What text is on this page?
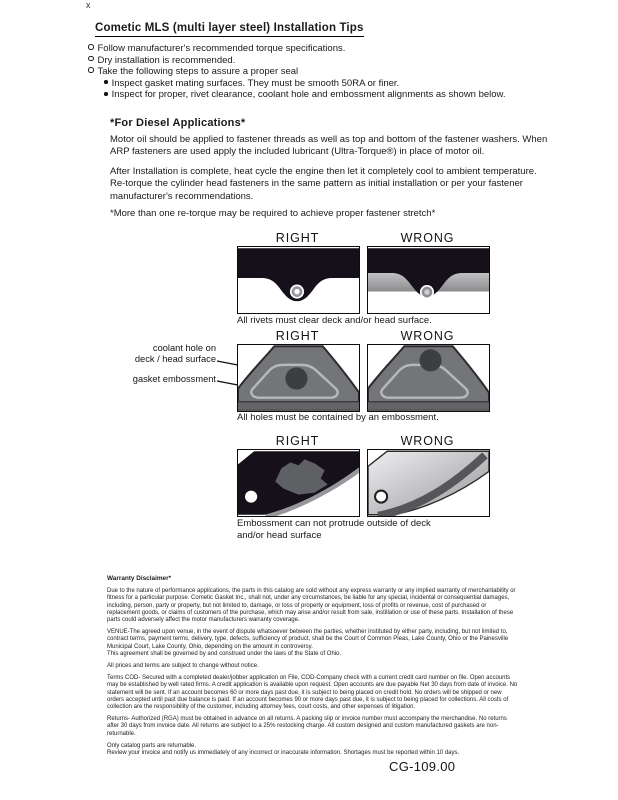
x
Cometic MLS (multi layer steel) Installation Tips
Follow manufacturer's recommended torque specifications.
Dry installation is recommended.
Take the following steps to assure a proper seal
Inspect gasket mating surfaces. They must be smooth 50RA or finer.
Inspect for proper, rivet clearance, coolant hole and embossment alignments as shown below.
*For Diesel Applications*
Motor oil should be applied to fastener threads as well as top and bottom of the fastener washers. When ARP fasteners are used apply the included lubricant (Ultra-Torque®) in place of motor oil.
After Installation is complete, heat cycle the engine then let it completely cool to ambient temperature. Re-torque the cylinder head fasteners in the same pattern as initial installation or per your fastener manufacturer's recommendations.
*More than one re-torque may be required to achieve proper fastener stretch*
RIGHT	WRONG
All rivets must clear deck and/or head surface.
RIGHT	WRONG
coolant hole on
deck / head surface
gasket embossment
All holes must be contained by an embossment.
RIGHT	WRONG
Embossment can not protrude outside of deck
and/or head surface
Warranty Disclaimer*
Due to the nature of performance applications, the parts in this catalog are sold without any express warranty or any implied warranty of merchantability or fitness for a particular purpose. Cometic Gasket Inc., shall not, under any circumstances, be liable for any special, incidental or consequential damages, including, person, party or property, but not limited to, damage, or loss of property or equipment, loss of profits or revenue, cost of purchased or replacement goods, or claims of customers of the purchase, which may arise and/or result from sale, instillation or use of these parts. Installation of these parts could adversely affect the motor manufacturers warranty coverage.
VENUE-The agreed upon venue, in the event of dispute whatsoever between the parties, whether instituted by either party, including, but not limited to, contract terms, payment terms, delivery, type, defects, sufficiency of product, shall be the Court of Common Pleas, Lake County, Ohio or the Painesville Municipal Court, Lake County, Ohio, depending on the amount in controversy.
This agreement shall be governed by and construed under the laws of the State of Ohio.
All prices and terms are subject to change without notice.
Terms COD- Secured with a completed dealer/jobber application on File, COD-Company check with a current credit card number on file. Open accounts may be established by well rated firms. A credit application is available upon request. Open accounts are due payable Net 30 days from date of invoice. No statement will be sent. If an account becomes 60 or more days past due, it is subject to being placed on credit hold. No orders will be shipped or new orders accepted until past due balance is paid. If an account becomes 90 or more days past due, it is subject to being placed for collections. All costs of collection are the responsibility of the customer, including attorney fees, court costs, and other expenses of litigation.
Returns- Authorized (RGA) must be obtained in advance on all returns. A packing slip or invoice number must accompany the merchandise. No returns after 30 days from invoice date. All returns are subject to a 25% restocking charge. All custom designed and custom manufactured gaskets are non-returnable.
Only catalog parts are returnable.
Review your invoice and notify us immediately of any incorrect or inaccurate information. Shortages must be reported within 10 days.
CG-109.00
